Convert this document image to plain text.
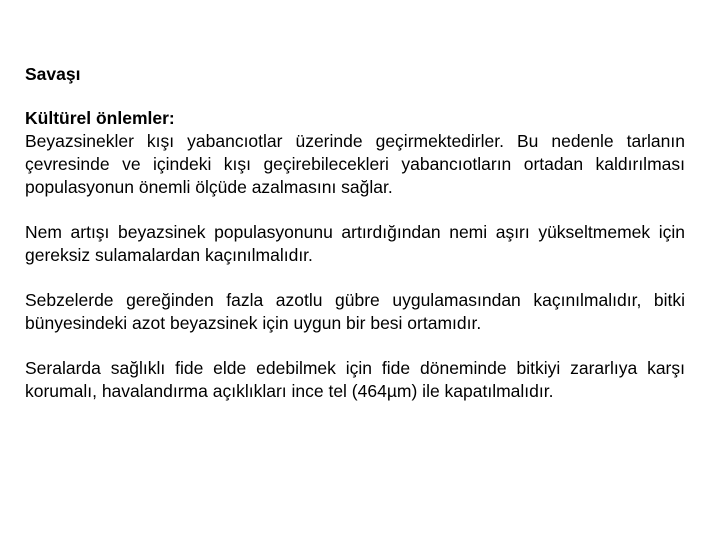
Savaşı

Kültürel önlemler:

Beyazsinekler kışı yabancıotlar üzerinde geçirmektedirler. Bu nedenle tarlanın çevresinde ve içindeki kışı geçirebilecekleri yabancıotların ortadan kaldırılması populasyonun önemli ölçüde azalmasını sağlar.

Nem artışı beyazsinek populasyonunu artırdığından nemi aşırı yükseltmemek için gereksiz sulamalardan kaçınılmalıdır.

Sebzelerde gereğinden fazla azotlu gübre uygulamasından kaçınılmalıdır, bitki bünyesindeki azot beyazsinek için uygun bir besi ortamıdır.

Seralarda sağlıklı fide elde edebilmek için fide döneminde bitkiyi zararlıya karşı korumalı, havalandırma açıklıkları ince tel (464µm) ile kapatılmalıdır.
